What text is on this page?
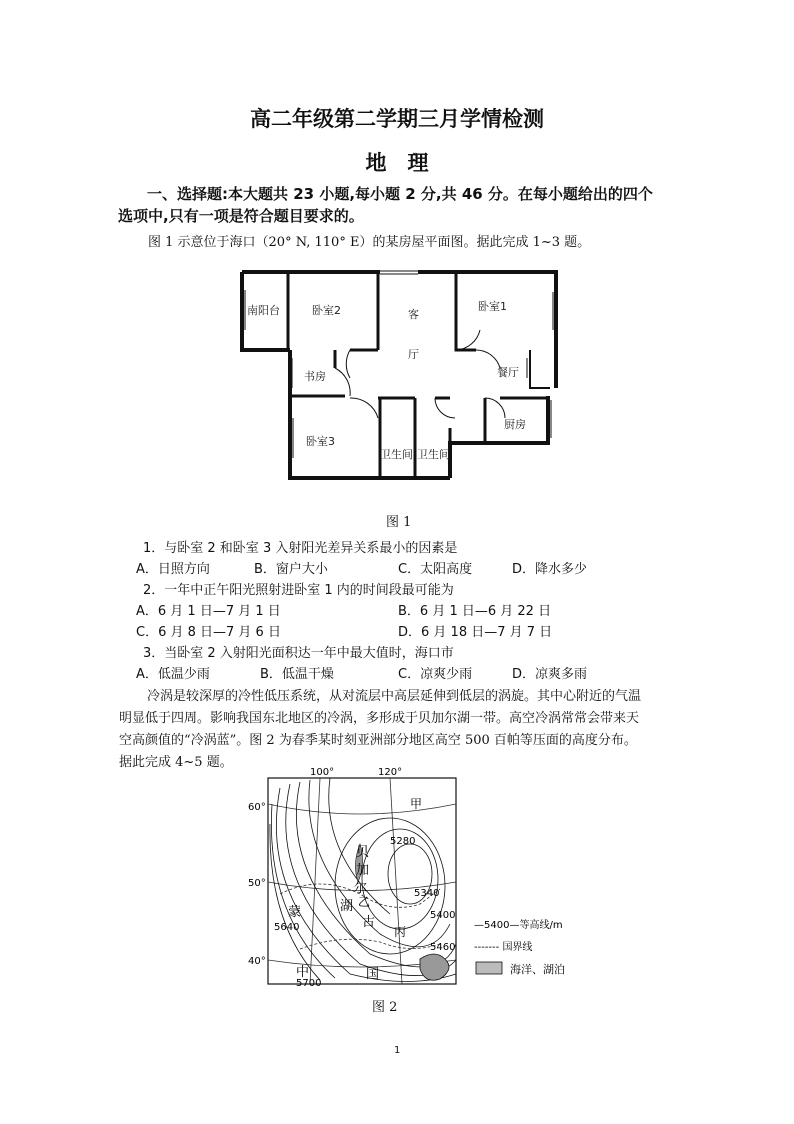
高二年级第二学期三月学情检测
地　理
一、选择题:本大题共 23 小题,每小题 2 分,共 46 分。在每小题给出的四个
选项中,只有一项是符合题目要求的。
图 1 示意位于海口（20° N, 110° E）的某房屋平面图。据此完成 1~3 题。
南阳台	卧室2	客
厅
卧室1
书房	餐厅
卧室3
卫生间 卫生间
厨房
图 1
1．与卧室 2 和卧室 3 入射阳光差异关系最小的因素是
A．日照方向	B．窗户大小	C．太阳高度	D．降水多少
2．一年中正午阳光照射进卧室 1 内的时间段最可能为
A．6 月 1 日—7 月 1 日	B．6 月 1 日—6 月 22 日
C．6 月 8 日—7 月 6 日	D．6 月 18 日—7 月 7 日
3．当卧室 2 入射阳光面积达一年中最大值时，海口市
A．低温少雨	B．低温干燥	C．凉爽少雨	D．凉爽多雨
冷涡是较深厚的冷性低压系统，从对流层中高层延伸到低层的涡旋。其中心附近的气温
明显低于四周。影响我国东北地区的冷涡，多形成于贝加尔湖一带。高空冷涡常常会带来天
空高颜值的“冷涡蓝”。图 2 为春季某时刻亚洲部分地区高空 500 百帕等压面的高度分布。
据此完成 4~5 题。
100°	120°
60°
50°
40°
5280
5340
5400
5460
5640
5700
甲
丙
贝
加
尔
湖 乙
蒙
古
中	国
—5400—等高线/m
------- 国界线
海洋、湖泊
图 2
1
